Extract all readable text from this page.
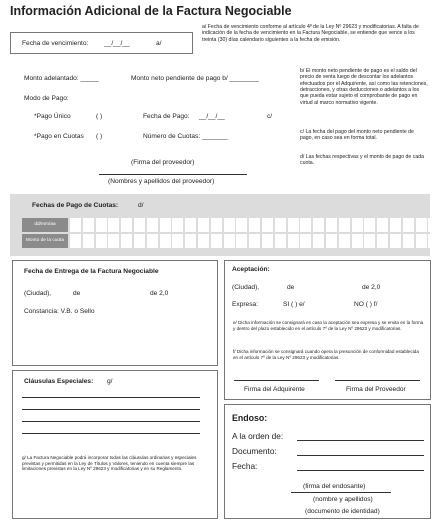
Información Adicional de la Factura Negociable
Fecha de vencimiento: __/__/__	a/
a/ Fecha de vencimiento conforme al artículo 4º de la Ley Nº 29623 y modificatorias. A falta de indicación de la fecha de vencimiento en la Factura Negociable, se entiende que vence a los treinta (30) días calendario siguientes a la fecha de emisión.
Monto adelantado: _____	Monto neto pendiente de pago b/ ________
Modo de Pago:
*Pago Único	( )	Fecha de Pago: __/__/__	c/
*Pago en Cuotas ( )	Número de Cuotas: _______
(Firma del proveedor)
(Nombres y apellidos del proveedor)
b/ El monto neto pendiente de pago es el saldo del precio de venta luego de descontar los adelantos efectuados por el Adquirente, así como las retenciones, detracciones, y otras deducciones o adelantos a los que pueda estar sujeto el comprobante de pago en virtud al marco normativo vigente.
c/ La fecha del pago del monto neto pendiente de pago, en caso sea en forma total.
d/ Las fechas respectivas y el monto de pago de cada cuota.
Fechas de Pago de Cuotas:	d/
dd/mm/aa
Monto de la cuota
Fecha de Entrega de la Factura Negociable
(Ciudad),	de	de 2,0
Constancia: V.B. o Sello
Aceptación:
(Ciudad),	de	de 2,0
Expresa:	SI ( ) e/	NO ( ) f/
e/ Dicha información se consignará en caso la aceptación sea expresa y se emita en la forma y dentro del plazo establecido en el artículo 7º de la Ley Nº 29623 y modificatorias.
f/ Dicha información se consignará cuando opera la presunción de conformidad establecida en el artículo 7º de la Ley Nº 29623 y modificatorias.
Firma del Adquirente	Firma del Proveedor
Cláusulas Especiales: g/
g/ La Factura Negociable podrá incorporar todas las cláusulas ordinarias y especiales previstas y permitidas en la Ley de Títulos y Valores, teniendo en cuenta siempre las limitaciones previstas en la Ley Nº 29623 y modificatorias y en su Reglamento.
Endoso:
A la orden de:
Documento:
Fecha:
(firma del endosante)
(nombre y apellidos)
(documento de identidad)
